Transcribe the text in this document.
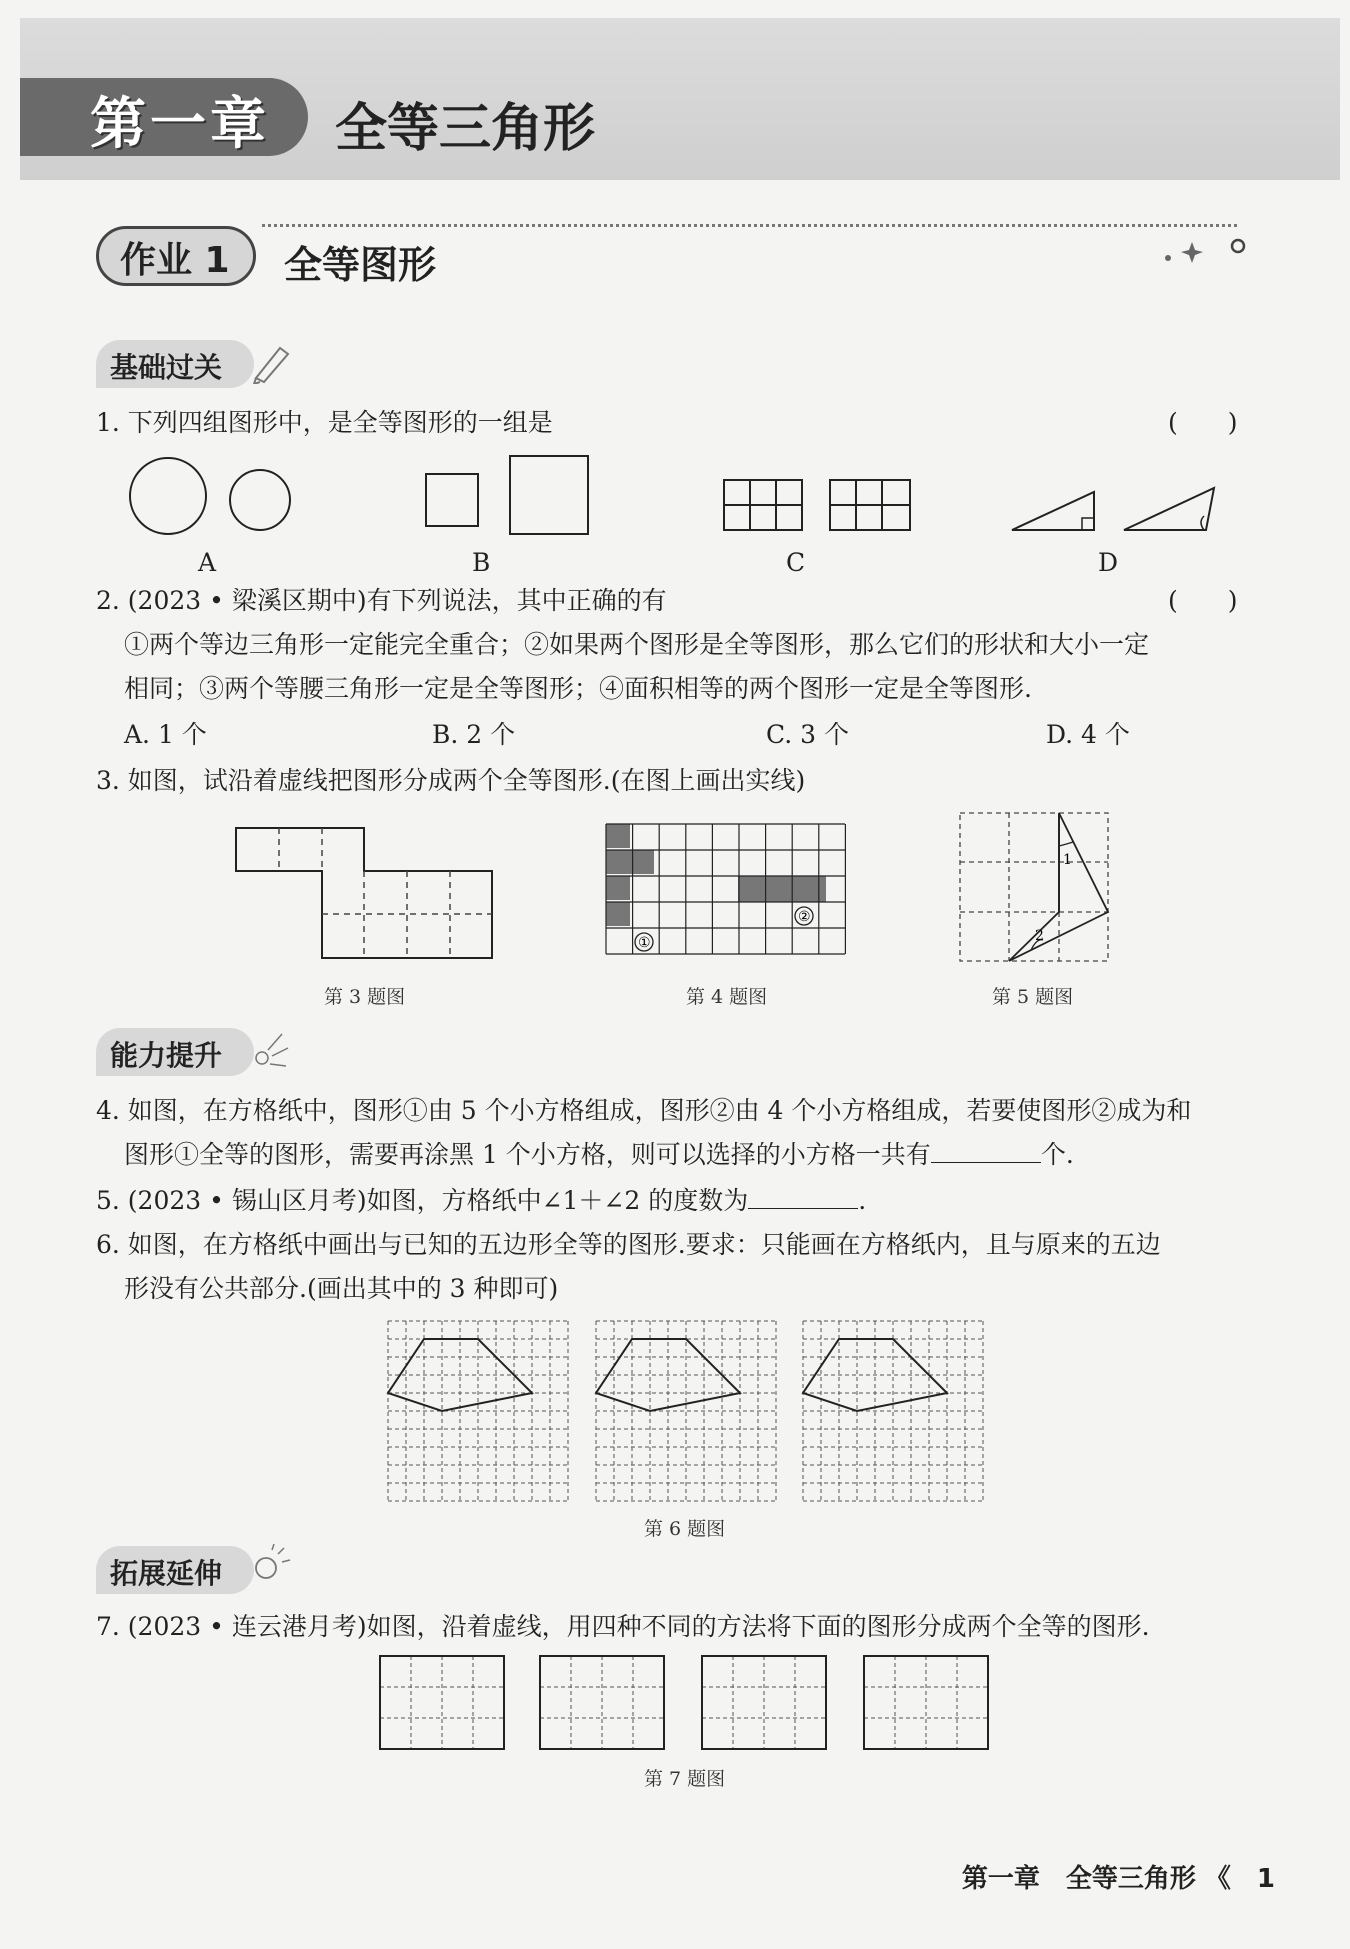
第一章 全等三角形
作业 1 全等图形
基础过关
1. 下列四组图形中，是全等图形的一组是	(　　)
A	B	C	D
2. (2023 • 梁溪区期中)有下列说法，其中正确的有	(　　)
①两个等边三角形一定能完全重合；②如果两个图形是全等图形，那么它们的形状和大小一定
相同；③两个等腰三角形一定是全等图形；④面积相等的两个图形一定是全等图形.
A. 1 个	B. 2 个	C. 3 个	D. 4 个
3. 如图，试沿着虚线把图形分成两个全等图形.(在图上画出实线)
第 3 题图
①
②
第 4 题图
1
2
第 5 题图
能力提升
4. 如图，在方格纸中，图形①由 5 个小方格组成，图形②由 4 个小方格组成，若要使图形②成为和
图形①全等的图形，需要再涂黑 1 个小方格，则可以选择的小方格一共有	个.
5. (2023 • 锡山区月考)如图，方格纸中∠1＋∠2 的度数为	.
6. 如图，在方格纸中画出与已知的五边形全等的图形.要求：只能画在方格纸内，且与原来的五边
形没有公共部分.(画出其中的 3 种即可)
第 6 题图
拓展延伸
7. (2023 • 连云港月考)如图，沿着虚线，用四种不同的方法将下面的图形分成两个全等的图形.
第 7 题图
第一章　全等三角形 《　1
